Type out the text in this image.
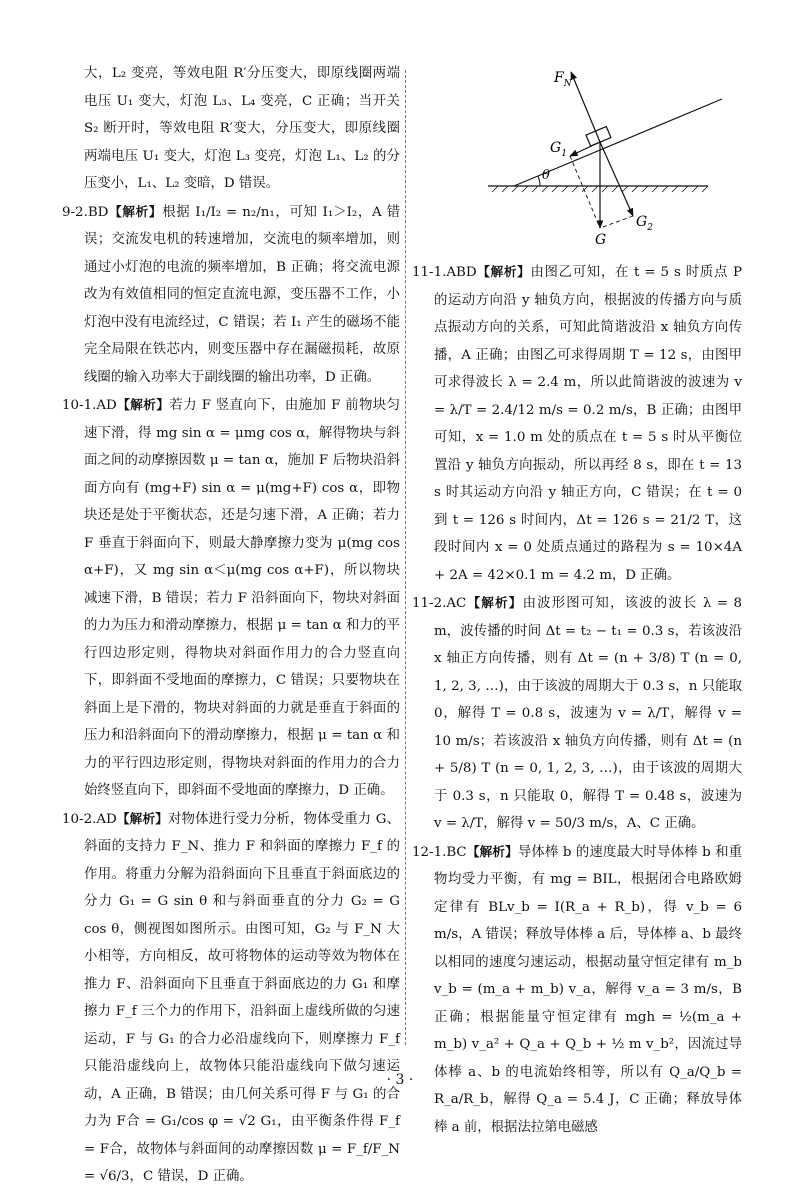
大，L₂ 变亮，等效电阻 R′分压变大，即原线圈两端电压 U₁ 变大，灯泡 L₃、L₄ 变亮，C 正确；当开关 S₂ 断开时，等效电阻 R′变大，分压变大，即原线圈两端电压 U₁ 变大，灯泡 L₃ 变亮，灯泡 L₁、L₂ 的分压变小，L₁、L₂ 变暗，D 错误。

9-2.BD【解析】根据 I₁/I₂ = n₂/n₁，可知 I₁＞I₂，A 错误；交流发电机的转速增加，交流电的频率增加，则通过小灯泡的电流的频率增加，B 正确；将交流电源改为有效值相同的恒定直流电源，变压器不工作，小灯泡中没有电流经过，C 错误；若 I₁ 产生的磁场不能完全局限在铁芯内，则变压器中存在漏磁损耗，故原线圈的输入功率大于副线圈的输出功率，D 正确。

10-1.AD【解析】若力 F 竖直向下，由施加 F 前物块匀速下滑，得 mg sin α = μmg cos α，解得物块与斜面之间的动摩擦因数 μ = tan α，施加 F 后物块沿斜面方向有 (mg+F) sin α = μ(mg+F) cos α，即物块还是处于平衡状态，还是匀速下滑，A 正确；若力 F 垂直于斜面向下，则最大静摩擦力变为 μ(mg cos α+F)，又 mg sin α＜μ(mg cos α+F)，所以物块减速下滑，B 错误；若力 F 沿斜面向下，物块对斜面的力为压力和滑动摩擦力，根据 μ = tan α 和力的平行四边形定则，得物块对斜面作用力的合力竖直向下，即斜面不受地面的摩擦力，C 错误；只要物块在斜面上是下滑的，物块对斜面的力就是垂直于斜面的压力和沿斜面向下的滑动摩擦力，根据 μ = tan α 和力的平行四边形定则，得物块对斜面的作用力的合力始终竖直向下，即斜面不受地面的摩擦力，D 正确。

10-2.AD【解析】对物体进行受力分析，物体受重力 G、斜面的支持力 F_N、推力 F 和斜面的摩擦力 F_f 的作用。将重力分解为沿斜面向下且垂直于斜面底边的分力 G₁ = G sin θ 和与斜面垂直的分力 G₂ = G cos θ，侧视图如图所示。由图可知，G₂ 与 F_N 大小相等，方向相反，故可将物体的运动等效为物体在推力 F、沿斜面向下且垂直于斜面底边的力 G₁ 和摩擦力 F_f 三个力的作用下，沿斜面上虚线所做的匀速运动，F 与 G₁ 的合力必沿虚线向下，则摩擦力 F_f 只能沿虚线向上，故物体只能沿虚线向下做匀速运动，A 正确，B 错误；由几何关系可得 F 与 G₁ 的合力为 F合 = G₁/cos φ = √2 G₁，由平衡条件得 F_f = F合，故物体与斜面间的动摩擦因数 μ = F_f/F_N = √6/3，C 错误，D 正确。

$F_N$
$G_1$
θ
G
$G_2$

11-1.ABD【解析】由图乙可知，在 t = 5 s 时质点 P 的运动方向沿 y 轴负方向，根据波的传播方向与质点振动方向的关系，可知此简谐波沿 x 轴负方向传播，A 正确；由图乙可求得周期 T = 12 s，由图甲可求得波长 λ = 2.4 m，所以此简谐波的波速为 v = λ/T = 2.4/12 m/s = 0.2 m/s，B 正确；由图甲可知，x = 1.0 m 处的质点在 t = 5 s 时从平衡位置沿 y 轴负方向振动，所以再经 8 s，即在 t = 13 s 时其运动方向沿 y 轴正方向，C 错误；在 t = 0 到 t = 126 s 时间内，Δt = 126 s = 21/2 T，这段时间内 x = 0 处质点通过的路程为 s = 10×4A + 2A = 42×0.1 m = 4.2 m，D 正确。

11-2.AC【解析】由波形图可知，该波的波长 λ = 8 m，波传播的时间 Δt = t₂ − t₁ = 0.3 s，若该波沿 x 轴正方向传播，则有 Δt = (n + 3/8) T (n = 0, 1, 2, 3, …)，由于该波的周期大于 0.3 s，n 只能取 0，解得 T = 0.8 s，波速为 v = λ/T，解得 v = 10 m/s；若该波沿 x 轴负方向传播，则有 Δt = (n + 5/8) T (n = 0, 1, 2, 3, …)，由于该波的周期大于 0.3 s，n 只能取 0，解得 T = 0.48 s，波速为 v = λ/T，解得 v = 50/3 m/s，A、C 正确。

12-1.BC【解析】导体棒 b 的速度最大时导体棒 b 和重物均受力平衡，有 mg = BIL，根据闭合电路欧姆定律有 BLv_b = I(R_a + R_b)，得 v_b = 6 m/s，A 错误；释放导体棒 a 后，导体棒 a、b 最终以相同的速度匀速运动，根据动量守恒定律有 m_b v_b = (m_a + m_b) v_a，解得 v_a = 3 m/s，B 正确；根据能量守恒定律有 mgh = ½(m_a + m_b) v_a² + Q_a + Q_b + ½ m v_b²，因流过导体棒 a、b 的电流始终相等，所以有 Q_a/Q_b = R_a/R_b，解得 Q_a = 5.4 J，C 正确；释放导体棒 a 前，根据法拉第电磁感

· 3 ·
